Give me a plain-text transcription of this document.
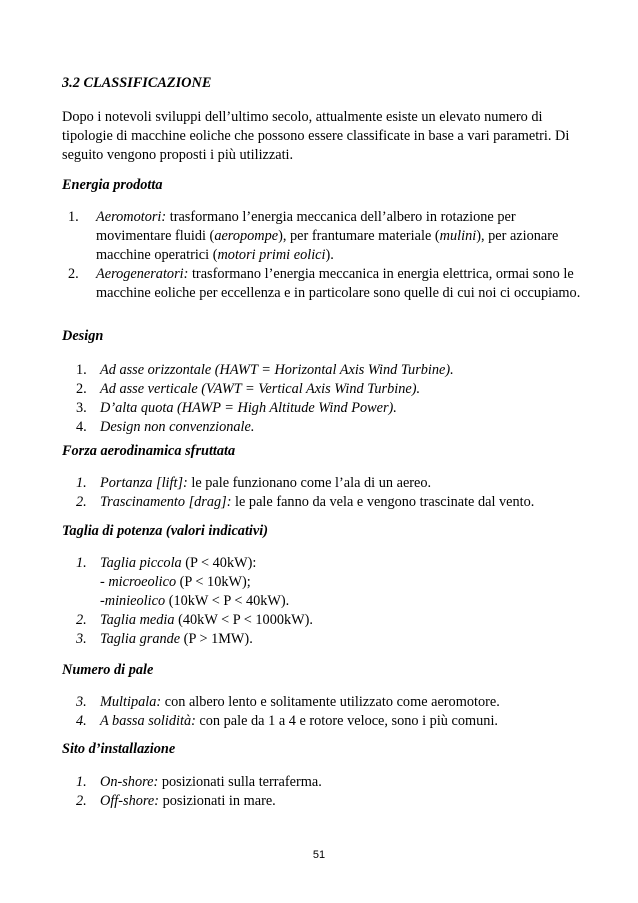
3.2 CLASSIFICAZIONE
Dopo i notevoli sviluppi dell’ultimo secolo, attualmente esiste un elevato numero di tipologie di macchine eoliche che possono essere classificate in base a vari parametri. Di seguito vengono proposti i più utilizzati.
Energia prodotta
1. Aeromotori: trasformano l’energia meccanica dell’albero in rotazione per movimentare fluidi (aeropompe), per frantumare materiale (mulini), per azionare macchine operatrici (motori primi eolici).
2. Aerogeneratori: trasformano l’energia meccanica in energia elettrica, ormai sono le macchine eoliche per eccellenza e in particolare sono quelle di cui noi ci occupiamo.
Design
1. Ad asse orizzontale (HAWT = Horizontal Axis Wind Turbine).
2. Ad asse verticale (VAWT = Vertical Axis Wind Turbine).
3. D’alta quota (HAWP = High Altitude Wind Power).
4. Design non convenzionale.
Forza aerodinamica sfruttata
1. Portanza [lift]: le pale funzionano come l’ala di un aereo.
2. Trascinamento [drag]: le pale fanno da vela e vengono trascinate dal vento.
Taglia di potenza (valori indicativi)
1. Taglia piccola (P < 40kW):
- microeolico (P < 10kW);
-minieolico (10kW < P < 40kW).
2. Taglia media (40kW < P < 1000kW).
3. Taglia grande (P > 1MW).
Numero di pale
3. Multipala: con albero lento e solitamente utilizzato come aeromotore.
4. A bassa solidità: con pale da 1 a 4 e rotore veloce, sono i più comuni.
Sito d’installazione
1. On-shore: posizionati sulla terraferma.
2. Off-shore: posizionati in mare.
51
